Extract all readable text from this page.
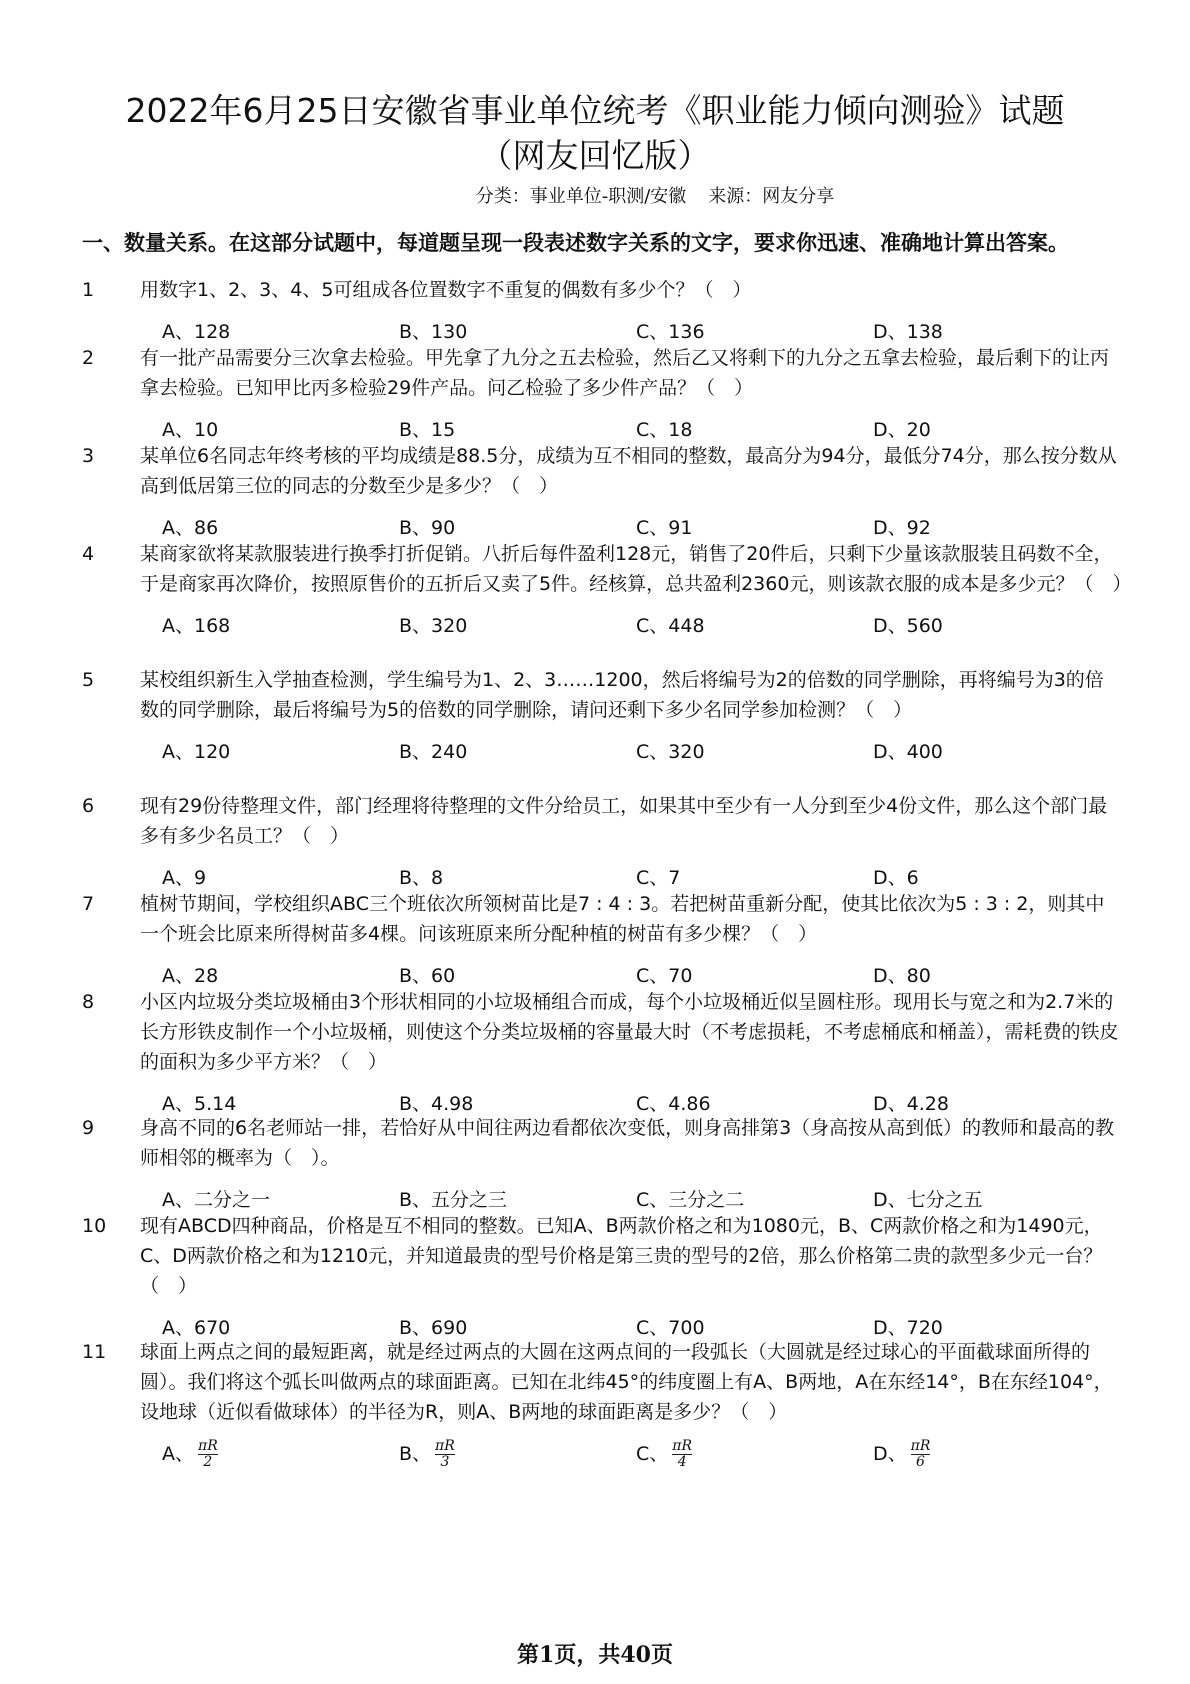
2022年6月25日安徽省事业单位统考《职业能力倾向测验》试题
（网友回忆版）
分类：事业单位-职测/安徽 来源：网友分享
一、数量关系。在这部分试题中，每道题呈现一段表述数字关系的文字，要求你迅速、准确地计算出答案。
1 用数字1、2、3、4、5可组成各位置数字不重复的偶数有多少个？（　）
A、128	B、130	C、136	D、138
2 有一批产品需要分三次拿去检验。甲先拿了九分之五去检验，然后乙又将剩下的九分之五拿去检验，最后剩下的让丙拿去检验。已知甲比丙多检验29件产品。问乙检验了多少件产品？（　）
A、10	B、15	C、18	D、20
3 某单位6名同志年终考核的平均成绩是88.5分，成绩为互不相同的整数，最高分为94分，最低分74分，那么按分数从高到低居第三位的同志的分数至少是多少？（　）
A、86	B、90	C、91	D、92
4 某商家欲将某款服装进行换季打折促销。八折后每件盈利128元，销售了20件后，只剩下少量该款服装且码数不全，于是商家再次降价，按照原售价的五折后又卖了5件。经核算，总共盈利2360元，则该款衣服的成本是多少元？（　）
A、168	B、320	C、448	D、560
5 某校组织新生入学抽查检测，学生编号为1、2、3……1200，然后将编号为2的倍数的同学删除，再将编号为3的倍数的同学删除，最后将编号为5的倍数的同学删除，请问还剩下多少名同学参加检测？（　）
A、120	B、240	C、320	D、400
6 现有29份待整理文件，部门经理将待整理的文件分给员工，如果其中至少有一人分到至少4份文件，那么这个部门最多有多少名员工？（　）
A、9	B、8	C、7	D、6
7 植树节期间，学校组织ABC三个班依次所领树苗比是7 : 4 : 3。若把树苗重新分配，使其比依次为5 : 3 : 2，则其中一个班会比原来所得树苗多4棵。问该班原来所分配种植的树苗有多少棵？（　）
A、28	B、60	C、70	D、80
8 小区内垃圾分类垃圾桶由3个形状相同的小垃圾桶组合而成，每个小垃圾桶近似呈圆柱形。现用长与宽之和为2.7米的长方形铁皮制作一个小垃圾桶，则使这个分类垃圾桶的容量最大时（不考虑损耗，不考虑桶底和桶盖），需耗费的铁皮的面积为多少平方米？（　）
A、5.14	B、4.98	C、4.86	D、4.28
9 身高不同的6名老师站一排，若恰好从中间往两边看都依次变低，则身高排第3（身高按从高到低）的教师和最高的教师相邻的概率为（　）。
A、二分之一	B、五分之三	C、三分之二	D、七分之五
10 现有ABCD四种商品，价格是互不相同的整数。已知A、B两款价格之和为1080元，B、C两款价格之和为1490元，C、D两款价格之和为1210元，并知道最贵的型号价格是第三贵的型号的2倍，那么价格第二贵的款型多少元一台？（　）
A、670	B、690	C、700	D、720
11 球面上两点之间的最短距离，就是经过两点的大圆在这两点间的一段弧长（大圆就是经过球心的平面截球面所得的圆）。我们将这个弧长叫做两点的球面距离。已知在北纬45°的纬度圈上有A、B两地，A在东经14°，B在东经104°，设地球（近似看做球体）的半径为R，则A、B两地的球面距离是多少？（　）
A、 $\frac{\pi R}{2}$	B、 $\frac{\pi R}{3}$	C、 $\frac{\pi R}{4}$	D、 $\frac{\pi R}{6}$
第1页，共40页
